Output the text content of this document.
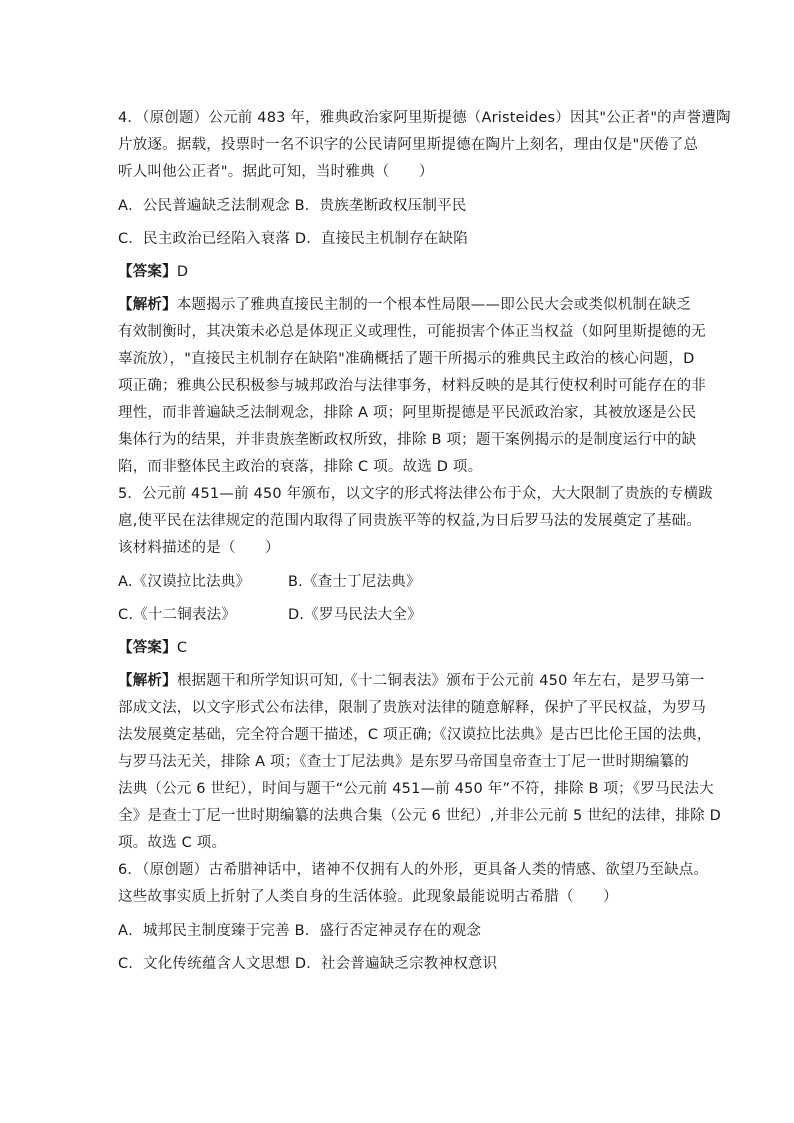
4．（原创题）公元前 483 年，雅典政治家阿里斯提德（Aristeides）因其"公正者"的声誉遭陶
片放逐。据载，投票时一名不识字的公民请阿里斯提德在陶片上刻名，理由仅是"厌倦了总
听人叫他公正者"。据此可知，当时雅典（　　）
A．公民普遍缺乏法制观念 B．贵族垄断政权压制平民
C．民主政治已经陷入衰落 D．直接民主机制存在缺陷
【答案】D
【解析】本题揭示了雅典直接民主制的一个根本性局限——即公民大会或类似机制在缺乏
有效制衡时，其决策未必总是体现正义或理性，可能损害个体正当权益（如阿里斯提德的无
辜流放），"直接民主机制存在缺陷"准确概括了题干所揭示的雅典民主政治的核心问题，D
项正确；雅典公民积极参与城邦政治与法律事务，材料反映的是其行使权利时可能存在的非
理性，而非普遍缺乏法制观念，排除 A 项；阿里斯提德是平民派政治家，其被放逐是公民
集体行为的结果，并非贵族垄断政权所致，排除 B 项；题干案例揭示的是制度运行中的缺
陷，而非整体民主政治的衰落，排除 C 项。故选 D 项。
5．公元前 451—前 450 年颁布，以文字的形式将法律公布于众，大大限制了贵族的专横跋
扈,使平民在法律规定的范围内取得了同贵族平等的权益,为日后罗马法的发展奠定了基础。
该材料描述的是（　　）
A.《汉谟拉比法典》	B.《查士丁尼法典》
C.《十二铜表法》	D.《罗马民法大全》
【答案】C
【解析】根据题干和所学知识可知,《十二铜表法》颁布于公元前 450 年左右，是罗马第一
部成文法，以文字形式公布法律，限制了贵族对法律的随意解释，保护了平民权益，为罗马
法发展奠定基础，完全符合题干描述，C 项正确;《汉谟拉比法典》是古巴比伦王国的法典，
与罗马法无关，排除 A 项；《查士丁尼法典》是东罗马帝国皇帝查士丁尼一世时期编纂的
法典（公元 6 世纪），时间与题干“公元前 451—前 450 年”不符，排除 B 项；《罗马民法大
全》是查士丁尼一世时期编纂的法典合集（公元 6 世纪）,并非公元前 5 世纪的法律，排除 D
项。故选 C 项。
6．（原创题）古希腊神话中，诸神不仅拥有人的外形，更具备人类的情感、欲望乃至缺点。
这些故事实质上折射了人类自身的生活体验。此现象最能说明古希腊（　　）
A．城邦民主制度臻于完善 B．盛行否定神灵存在的观念
C．文化传统蕴含人文思想 D．社会普遍缺乏宗教神权意识
